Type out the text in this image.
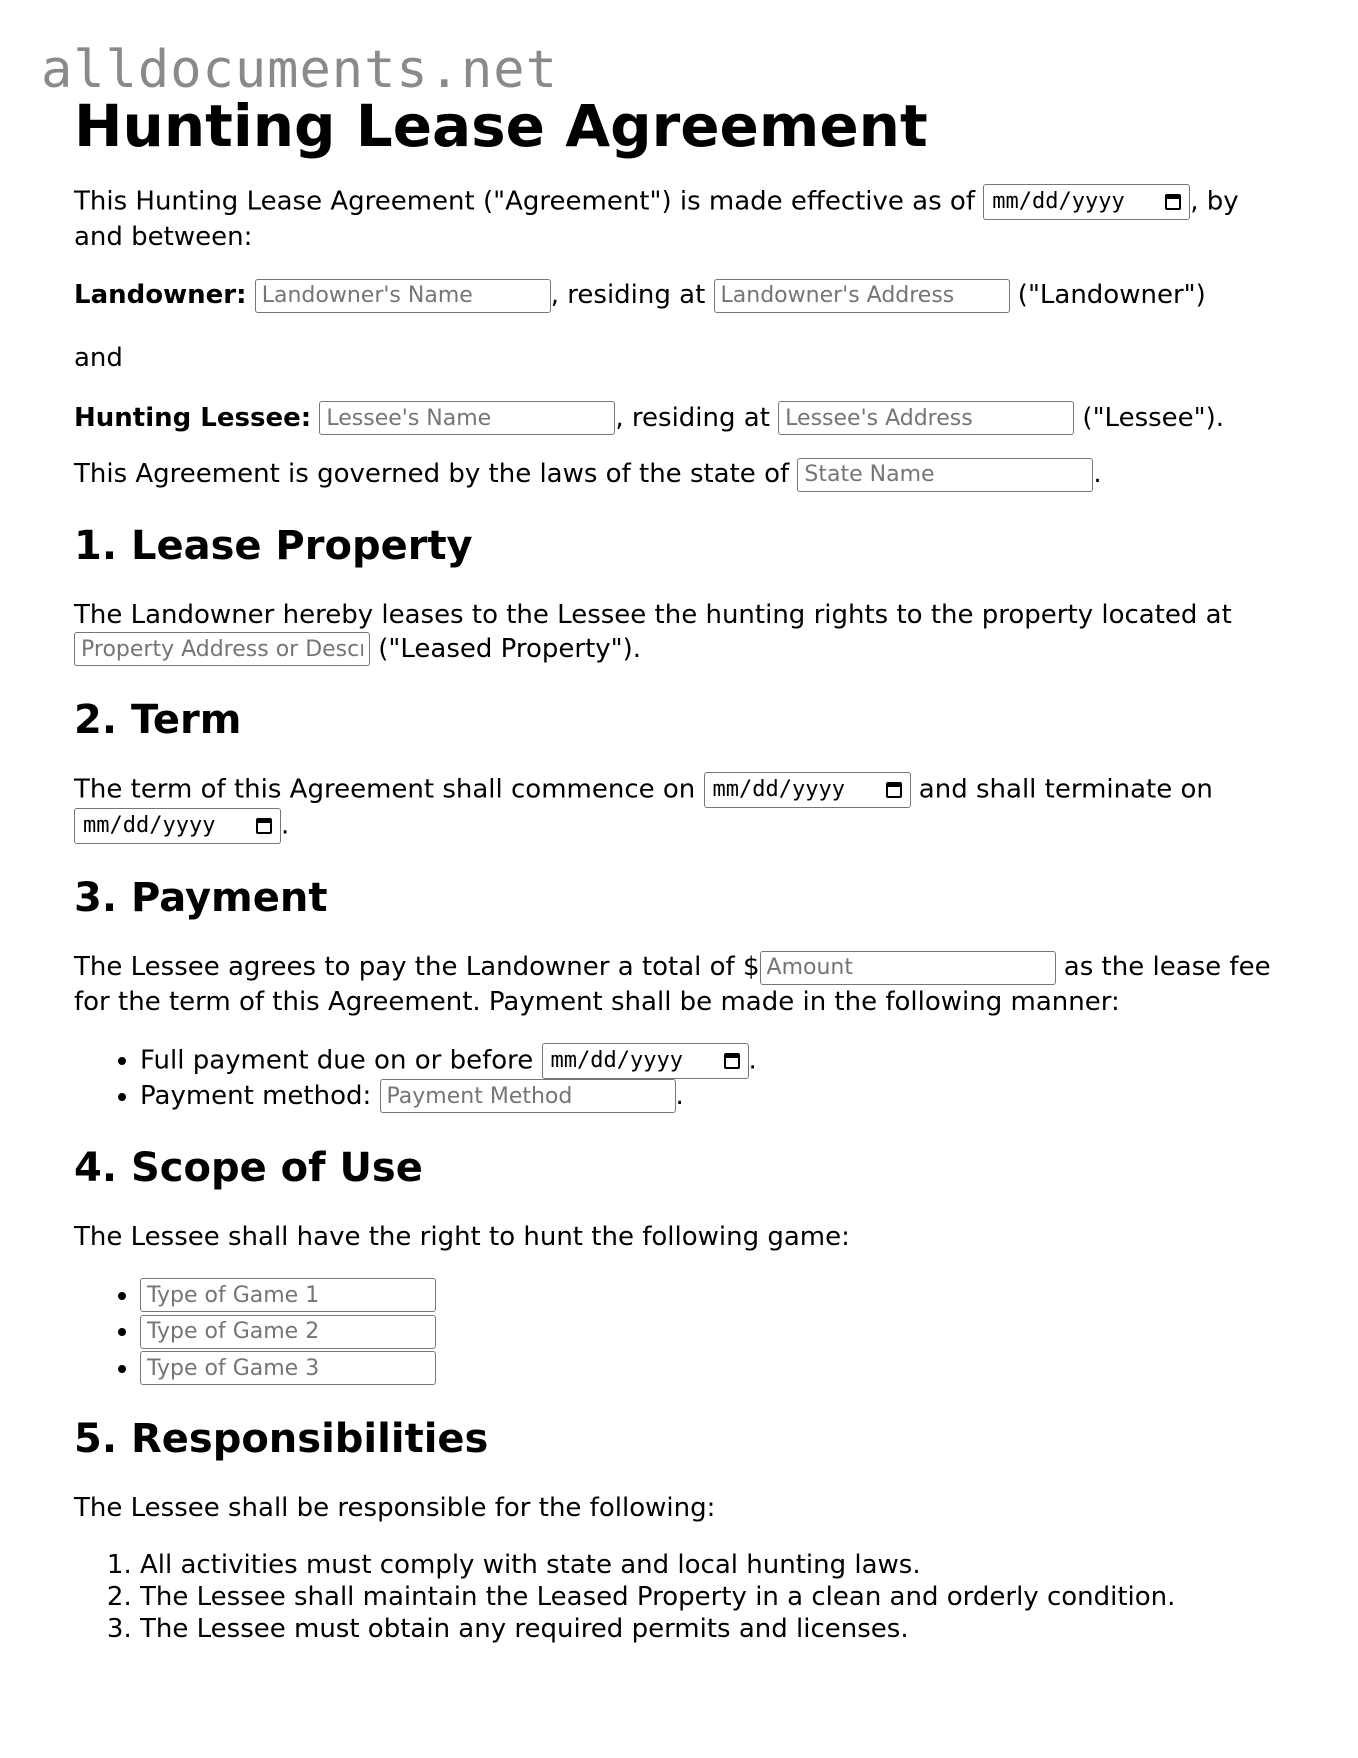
alldocuments.net
Hunting Lease Agreement

This Hunting Lease Agreement ("Agreement") is made effective as of mm/dd/yyyy	, by and between:

Landowner: Landowner's Name	, residing at Landowner's Address	("Landowner")

and

Hunting Lessee: Lessee's Name	, residing at Lessee's Address	("Lessee").

This Agreement is governed by the laws of the state of State Name	.

1. Lease Property

The Landowner hereby leases to the Lessee the hunting rights to the property located at Property Address or Description ("Leased Property").

2. Term

The term of this Agreement shall commence on mm/dd/yyyy	and shall terminate on
mm/dd/yyyy	.

3. Payment

The Lessee agrees to pay the Landowner a total of $Amount	as the lease fee for the term of this Agreement. Payment shall be made in the following manner:

• Full payment due on or before mm/dd/yyyy	.
• Payment method: Payment Method	.
4. Scope of Use

The Lessee shall have the right to hunt the following game:

• Type of Game 1
• Type of Game 2
• Type of Game 3
5. Responsibilities

The Lessee shall be responsible for the following:

1. All activities must comply with state and local hunting laws.
2. The Lessee shall maintain the Leased Property in a clean and orderly condition.
3. The Lessee must obtain any required permits and licenses.
